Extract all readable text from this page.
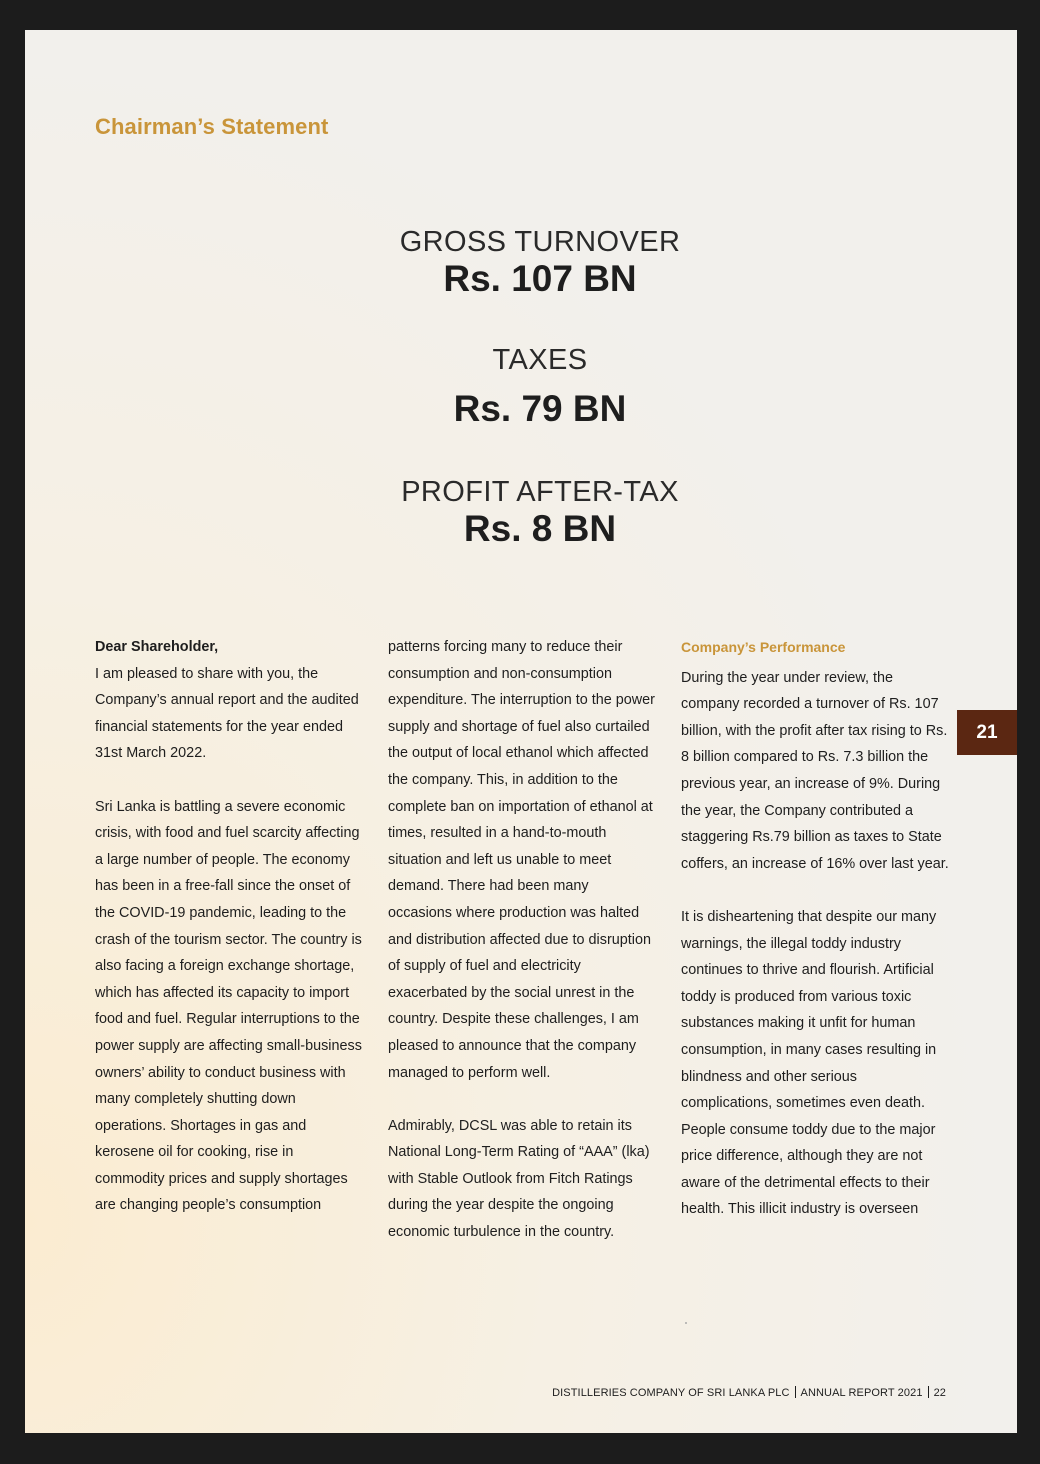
Chairman’s Statement
GROSS TURNOVER
Rs. 107 BN
TAXES
Rs. 79 BN
PROFIT AFTER-TAX
Rs. 8 BN
Dear Shareholder,

I am pleased to share with you, the Company’s annual report and the audited financial statements for the year ended 31st March 2022.

Sri Lanka is battling a severe economic crisis, with food and fuel scarcity affecting a large number of people. The economy has been in a free-fall since the onset of the COVID-19 pandemic, leading to the crash of the tourism sector. The country is also facing a foreign exchange shortage, which has affected its capacity to import food and fuel. Regular interruptions to the power supply are affecting small-business owners’ ability to conduct business with many completely shutting down operations. Shortages in gas and kerosene oil for cooking, rise in commodity prices and supply shortages are changing people’s consumption

patterns forcing many to reduce their consumption and non-consumption expenditure. The interruption to the power supply and shortage of fuel also curtailed the output of local ethanol which affected the company. This, in addition to the complete ban on importation of ethanol at times, resulted in a hand-to-mouth situation and left us unable to meet demand. There had been many occasions where production was halted and distribution affected due to disruption of supply of fuel and electricity exacerbated by the social unrest in the country. Despite these challenges, I am pleased to announce that the company managed to perform well.

Admirably, DCSL was able to retain its National Long-Term Rating of “AAA” (lka) with Stable Outlook from Fitch Ratings during the year despite the ongoing economic turbulence in the country.

Company’s Performance

During the year under review, the company recorded a turnover of Rs. 107 billion, with the profit after tax rising to Rs. 8 billion compared to Rs. 7.3 billion the previous year, an increase of 9%. During the year, the Company contributed a staggering Rs.79 billion as taxes to State coffers, an increase of 16% over last year.

It is disheartening that despite our many warnings, the illegal toddy industry continues to thrive and flourish. Artificial toddy is produced from various toxic substances making it unfit for human consumption, in many cases resulting in blindness and other serious complications, sometimes even death. People consume toddy due to the major price difference, although they are not aware of the detrimental effects to their health. This illicit industry is overseen

21
DISTILLERIES COMPANY OF SRI LANKA PLC ANNUAL REPORT 2021 22
